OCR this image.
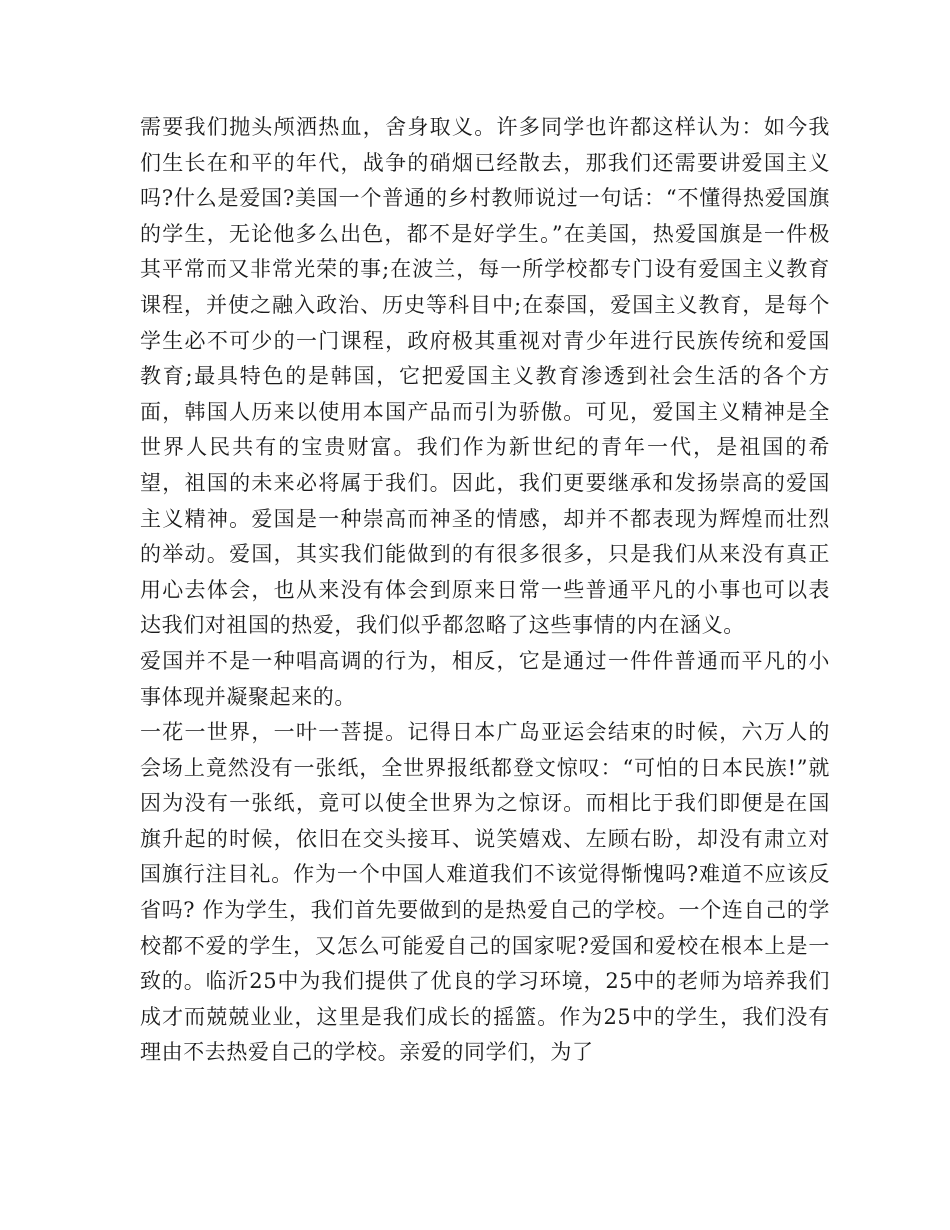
需要我们抛头颅洒热血，舍身取义。许多同学也许都这样认为：如今我们生长在和平的年代，战争的硝烟已经散去，那我们还需要讲爱国主义吗?什么是爱国?美国一个普通的乡村教师说过一句话：“不懂得热爱国旗的学生，无论他多么出色，都不是好学生。”在美国，热爱国旗是一件极其平常而又非常光荣的事;在波兰，每一所学校都专门设有爱国主义教育课程，并使之融入政治、历史等科目中;在泰国，爱国主义教育，是每个学生必不可少的一门课程，政府极其重视对青少年进行民族传统和爱国教育;最具特色的是韩国，它把爱国主义教育渗透到社会生活的各个方面，韩国人历来以使用本国产品而引为骄傲。可见，爱国主义精神是全世界人民共有的宝贵财富。我们作为新世纪的青年一代，是祖国的希望，祖国的未来必将属于我们。因此，我们更要继承和发扬崇高的爱国主义精神。爱国是一种崇高而神圣的情感，却并不都表现为辉煌而壮烈的举动。爱国，其实我们能做到的有很多很多，只是我们从来没有真正用心去体会，也从来没有体会到原来日常一些普通平凡的小事也可以表达我们对祖国的热爱，我们似乎都忽略了这些事情的内在涵义。

爱国并不是一种唱高调的行为，相反，它是通过一件件普通而平凡的小事体现并凝聚起来的。

一花一世界，一叶一菩提。记得日本广岛亚运会结束的时候，六万人的会场上竟然没有一张纸，全世界报纸都登文惊叹：“可怕的日本民族!”就因为没有一张纸，竟可以使全世界为之惊讶。而相比于我们即便是在国旗升起的时候，依旧在交头接耳、说笑嬉戏、左顾右盼，却没有肃立对国旗行注目礼。作为一个中国人难道我们不该觉得惭愧吗?难道不应该反省吗? 作为学生，我们首先要做到的是热爱自己的学校。一个连自己的学校都不爱的学生，又怎么可能爱自己的国家呢?爱国和爱校在根本上是一致的。临沂25中为我们提供了优良的学习环境，25中的老师为培养我们成才而兢兢业业，这里是我们成长的摇篮。作为25中的学生，我们没有理由不去热爱自己的学校。亲爱的同学们，为了
